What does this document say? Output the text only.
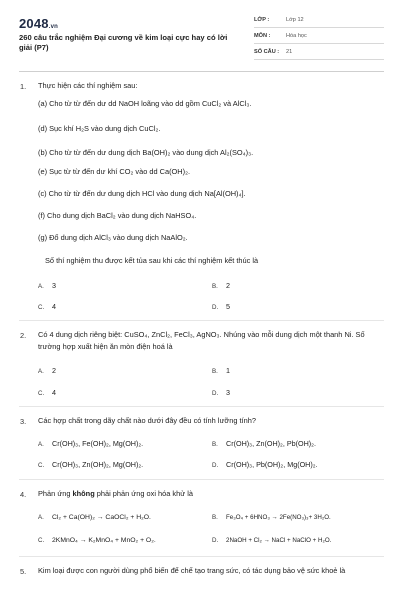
2048.vn
260 câu trắc nghiệm Đại cương về kim loại cực hay có lời giải (P7)
LỚP :	Lớp 12
MÔN :	Hóa học
SỐ CÂU : 21
1. Thực hiện các thí nghiệm sau:
(a) Cho từ từ đến dư dd NaOH loãng vào dd gồm CuCl₂ và AlCl₃.
(d) Sục khí H₂S vào dung dịch CuCl₂.
(b) Cho từ từ đến dư dung dịch Ba(OH)₂ vào dung dịch Al₂(SO₄)₃.
(e) Sục từ từ đến dư khí CO₂ vào dd Ca(OH)₂.
(c) Cho từ từ đến dư dung dịch HCl vào dung dịch Na[Al(OH)₄].
(f) Cho dung dịch BaCl₂ vào dung dịch NaHSO₄.
(g) Đổ dung dịch AlCl₃ vào dung dịch NaAlO₂.
Số thí nghiệm thu được kết tủa sau khi các thí nghiệm kết thúc là
A. 3	B. 2
C. 4	D. 5
2. Có 4 dung dịch riêng biệt: CuSO₄, ZnCl₂, FeCl₃, AgNO₃. Nhúng vào mỗi dung dịch một thanh Ni. Số trường hợp xuất hiện ăn mòn điện hoá là
A. 2	B. 1
C. 4	D. 3
3. Các hợp chất trong dãy chất nào dưới đây đều có tính lưỡng tính?
A. Cr(OH)₃, Fe(OH)₂, Mg(OH)₂.	B. Cr(OH)₃, Zn(OH)₂, Pb(OH)₂.
C. Cr(OH)₃, Zn(OH)₂, Mg(OH)₂.	D. Cr(OH)₃, Pb(OH)₂, Mg(OH)₂.
4. Phản ứng không phải phản ứng oxi hóa khử là
A. Cl₂ + Ca(OH)₂ → CaOCl₂ + H₂O.	B. Fe₃O₄ + 6HNO₃ → 2Fe(NO₃)₃+ 3H₂O.
C. 2KMnO₄ → K₂MnO₄ + MnO₂ + O₂.	D. 2NaOH + Cl₂ → NaCl + NaClO + H₂O.
5. Kim loại được con người dùng phổ biến để chế tạo trang sức, có tác dụng bảo vệ sức khoẻ là
